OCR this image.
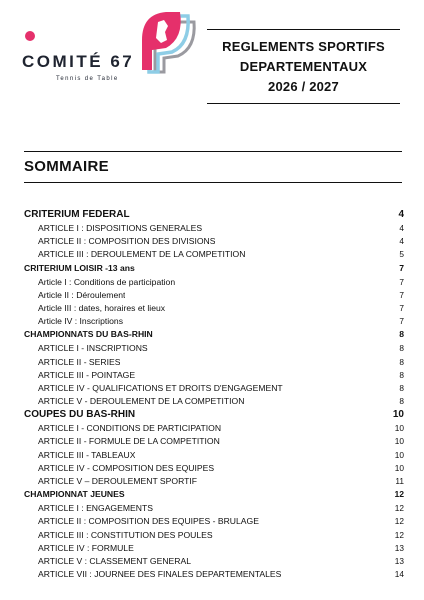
COMITÉ 67
Tennis de Table
REGLEMENTS SPORTIFS
DEPARTEMENTAUX
2026 / 2027
SOMMAIRE
CRITERIUM FEDERAL	4
ARTICLE I : DISPOSITIONS GENERALES	4
ARTICLE II : COMPOSITION DES DIVISIONS	4
ARTICLE III : DEROULEMENT DE LA COMPETITION	5
CRITERIUM LOISIR -13 ans	7
Article I : Conditions de participation	7
Article II : Déroulement	7
Article III : dates, horaires et lieux	7
Article IV : Inscriptions	7
CHAMPIONNATS DU BAS-RHIN	8
ARTICLE I - INSCRIPTIONS	8
ARTICLE II - SERIES	8
ARTICLE III - POINTAGE	8
ARTICLE IV - QUALIFICATIONS ET DROITS D'ENGAGEMENT	8
ARTICLE V - DEROULEMENT DE LA COMPETITION	8
COUPES DU BAS-RHIN	10
ARTICLE I - CONDITIONS DE PARTICIPATION	10
ARTICLE II - FORMULE DE LA COMPETITION	10
ARTICLE III - TABLEAUX	10
ARTICLE IV - COMPOSITION DES EQUIPES	10
ARTICLE V – DEROULEMENT SPORTIF	11
CHAMPIONNAT JEUNES	12
ARTICLE I : ENGAGEMENTS	12
ARTICLE II : COMPOSITION DES EQUIPES - BRULAGE	12
ARTICLE III : CONSTITUTION DES POULES	12
ARTICLE IV : FORMULE	13
ARTICLE V : CLASSEMENT GENERAL	13
ARTICLE VII : JOURNEE DES FINALES DEPARTEMENTALES	14
